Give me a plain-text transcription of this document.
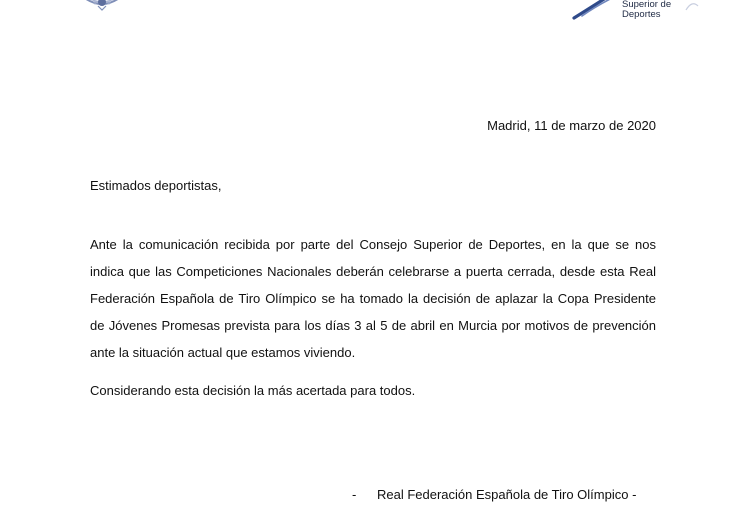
Superior de
Deportes
Madrid, 11 de marzo de 2020
Estimados deportistas,
Ante la comunicación recibida por parte del Consejo Superior de Deportes, en la que se nos
indica que las Competiciones Nacionales deberán celebrarse a puerta cerrada, desde esta Real
Federación Española de Tiro Olímpico se ha tomado la decisión de aplazar la Copa Presidente
de Jóvenes Promesas prevista para los días 3 al 5 de abril en Murcia por motivos de prevención
ante la situación actual que estamos viviendo.
Considerando esta decisión la más acertada para todos.
- Real Federación Española de Tiro Olímpico -
